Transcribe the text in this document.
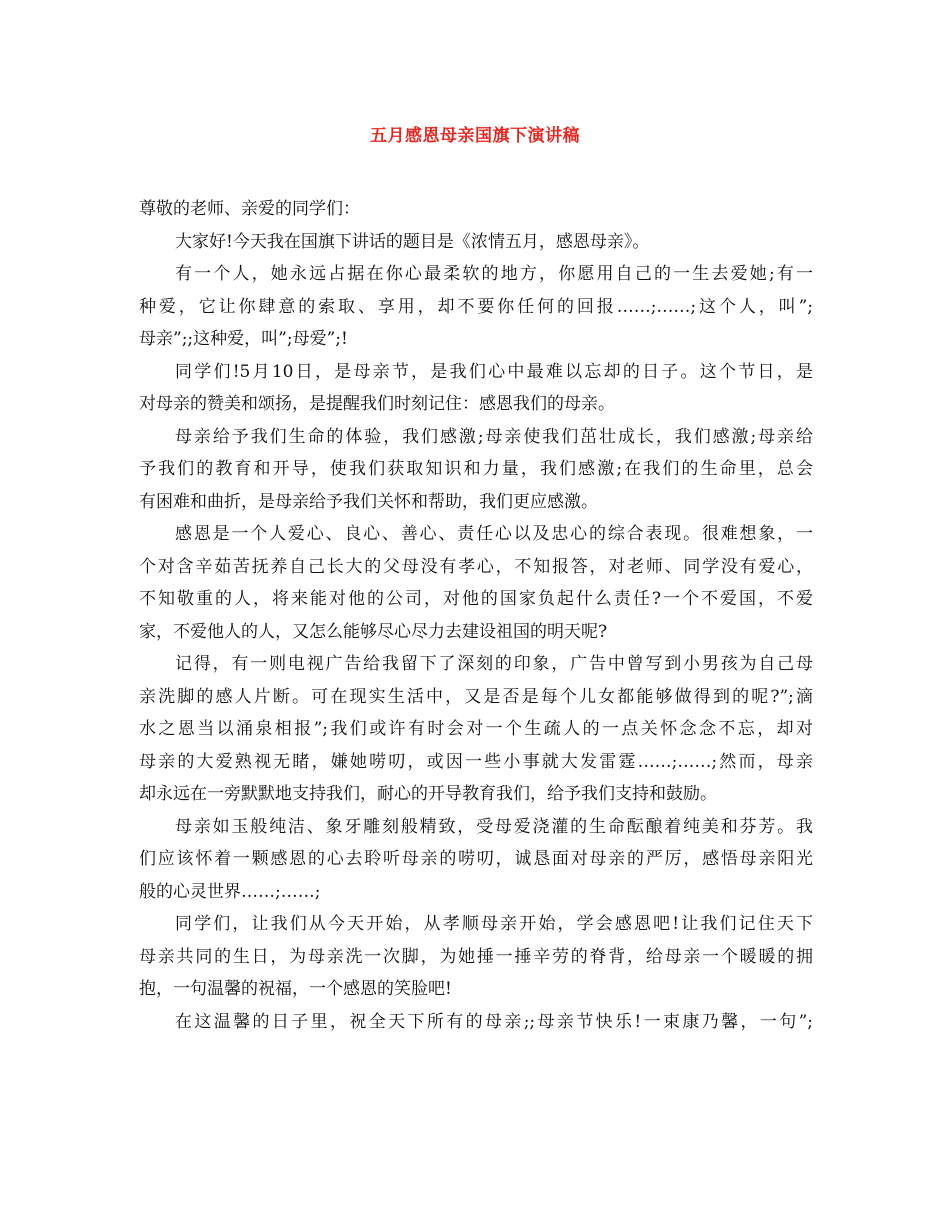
五月感恩母亲国旗下演讲稿
尊敬的老师、亲爱的同学们：
大家好!今天我在国旗下讲话的题目是《浓情五月，感恩母亲》。
有一个人，她永远占据在你心最柔软的地方，你愿用自己的一生去爱她;有一
种爱，它让你肆意的索取、享用，却不要你任何的回报……;……;这个人，叫”;
母亲”;;这种爱，叫”;母爱”;!
同学们!5月10日，是母亲节，是我们心中最难以忘却的日子。这个节日，是
对母亲的赞美和颂扬，是提醒我们时刻记住：感恩我们的母亲。
母亲给予我们生命的体验，我们感激;母亲使我们茁壮成长，我们感激;母亲给
予我们的教育和开导，使我们获取知识和力量，我们感激;在我们的生命里，总会
有困难和曲折，是母亲给予我们关怀和帮助，我们更应感激。
感恩是一个人爱心、良心、善心、责任心以及忠心的综合表现。很难想象，一
个对含辛茹苦抚养自己长大的父母没有孝心，不知报答，对老师、同学没有爱心，
不知敬重的人，将来能对他的公司，对他的国家负起什么责任?一个不爱国，不爱
家，不爱他人的人，又怎么能够尽心尽力去建设祖国的明天呢?
记得，有一则电视广告给我留下了深刻的印象，广告中曾写到小男孩为自己母
亲洗脚的感人片断。可在现实生活中，又是否是每个儿女都能够做得到的呢?”;滴
水之恩当以涌泉相报”;我们或许有时会对一个生疏人的一点关怀念念不忘，却对
母亲的大爱熟视无睹，嫌她唠叨，或因一些小事就大发雷霆……;……;然而，母亲
却永远在一旁默默地支持我们，耐心的开导教育我们，给予我们支持和鼓励。
母亲如玉般纯洁、象牙雕刻般精致，受母爱浇灌的生命酝酿着纯美和芬芳。我
们应该怀着一颗感恩的心去聆听母亲的唠叨，诚恳面对母亲的严厉，感悟母亲阳光
般的心灵世界……;……;
同学们，让我们从今天开始，从孝顺母亲开始，学会感恩吧!让我们记住天下
母亲共同的生日，为母亲洗一次脚，为她捶一捶辛劳的脊背，给母亲一个暖暖的拥
抱，一句温馨的祝福，一个感恩的笑脸吧!
在这温馨的日子里，祝全天下所有的母亲;;母亲节快乐!一束康乃馨，一句”;
